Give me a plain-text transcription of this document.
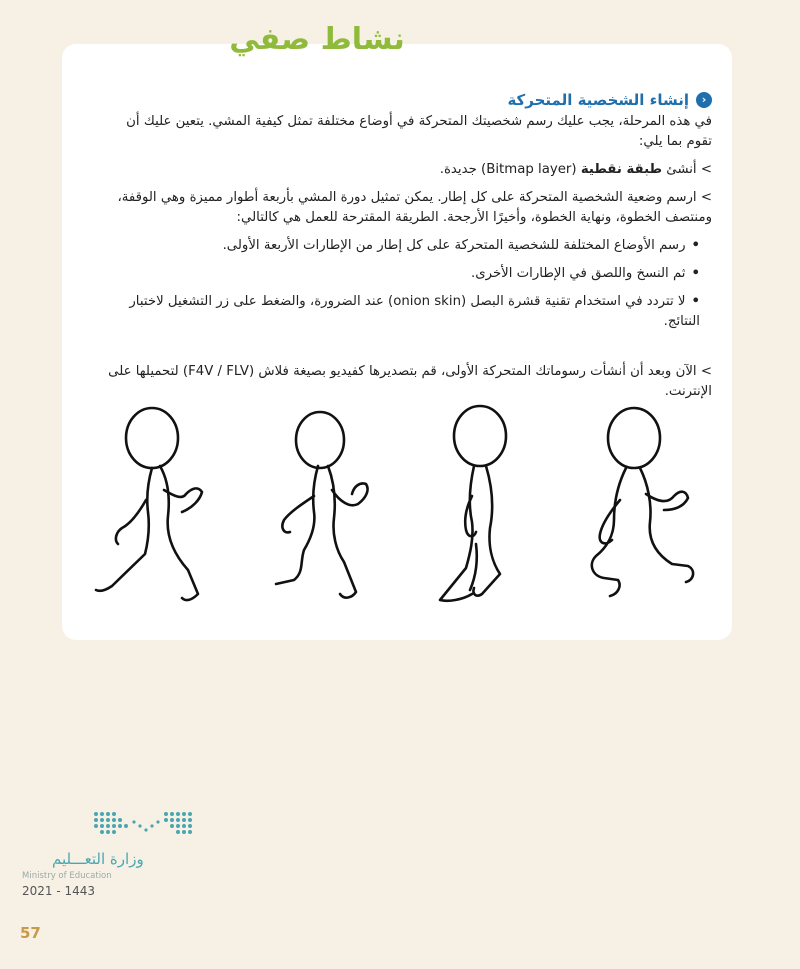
نشاط صفي
‹
إنشاء الشخصية المتحركة

في هذه المرحلة، يجب عليك رسم شخصيتك المتحركة في أوضاع مختلفة تمثل كيفية المشي. يتعين عليك أن تقوم بما يلي:

> أنشئ طبقة نقطية (Bitmap layer) جديدة.

> ارسم وضعية الشخصية المتحركة على كل إطار. يمكن تمثيل دورة المشي بأربعة أطوار مميزة وهي الوقفة، ومنتصف الخطوة، ونهاية الخطوة، وأخيرًا الأرجحة. الطريقة المقترحة للعمل هي كالتالي:

• رسم الأوضاع المختلفة للشخصية المتحركة على كل إطار من الإطارات الأربعة الأولى.
• ثم النسخ واللصق في الإطارات الأخرى.
• لا تتردد في استخدام تقنية قشرة البصل (onion skin) عند الضرورة، والضغط على زر التشغيل لاختبار النتائج.

> الآن وبعد أن أنشأت رسوماتك المتحركة الأولى، قم بتصديرها كفيديو بصيغة فلاش (F4V / FLV) لتحميلها على الإنترنت.

وزارة التعـــليم
Ministry of Education
2021 - 1443
57
